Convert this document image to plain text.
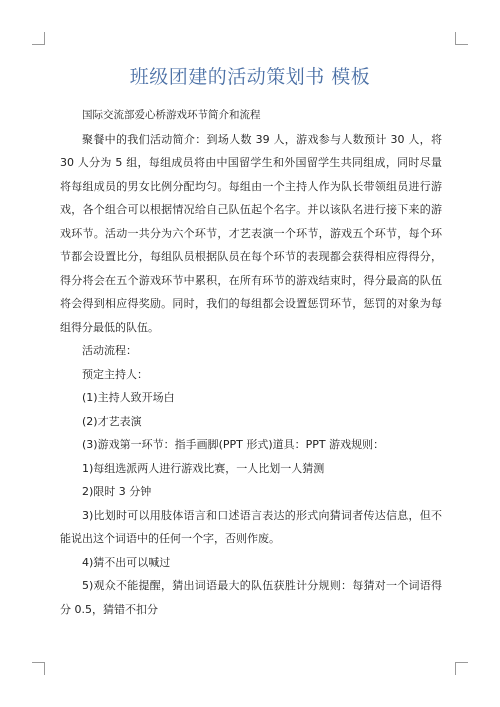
班级团建的活动策划书 模板

国际交流部爱心桥游戏环节简介和流程

聚餐中的我们活动简介：到场人数 39 人，游戏参与人数预计 30 人，将 30 人分为 5 组，每组成员将由中国留学生和外国留学生共同组成，同时尽量将每组成员的男女比例分配均匀。每组由一个主持人作为队长带领组员进行游戏，各个组合可以根据情况给自己队伍起个名字。并以该队名进行接下来的游戏环节。活动一共分为六个环节，才艺表演一个环节，游戏五个环节，每个环节都会设置比分，每组队员根据队员在每个环节的表现都会获得相应得得分，得分将会在五个游戏环节中累积，在所有环节的游戏结束时，得分最高的队伍将会得到相应得奖励。同时，我们的每组都会设置惩罚环节，惩罚的对象为每组得分最低的队伍。

活动流程：

预定主持人：

(1)主持人致开场白

(2)才艺表演

(3)游戏第一环节：指手画脚(PPT 形式)道具：PPT 游戏规则：

1)每组选派两人进行游戏比赛，一人比划一人猜测

2)限时 3 分钟

3)比划时可以用肢体语言和口述语言表达的形式向猜词者传达信息，但不能说出这个词语中的任何一个字，否则作废。

4)猜不出可以喊过

5)观众不能提醒，猜出词语最大的队伍获胜计分规则：每猜对一个词语得分 0.5，猜错不扣分
